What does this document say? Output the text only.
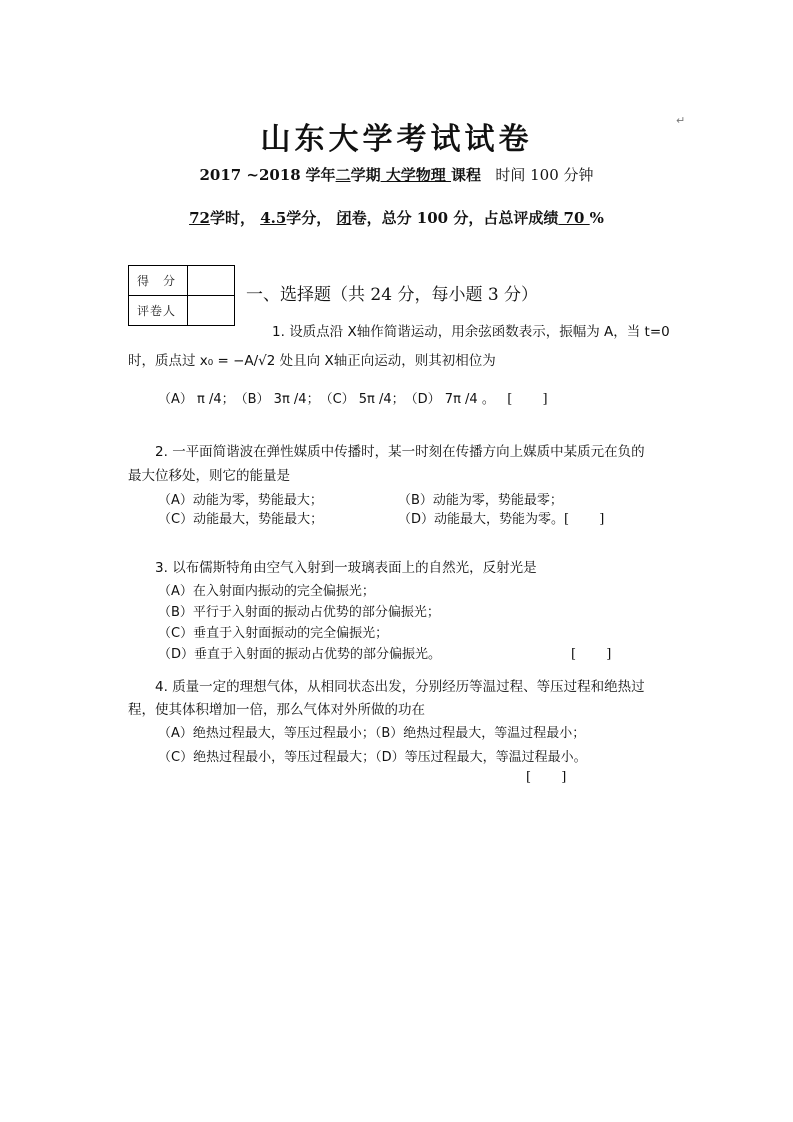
山东大学考试试卷
↵
2017 ~2018 学年二学期 大学物理 课程 时间 100 分钟
72学时， 4.5学分， 闭卷，总分 100 分，占总评成绩 70 %
得　分	
评卷人	
一、选择题（共 24 分，每小题 3 分）
1. 设质点沿 X轴作简谐运动，用余弦函数表示，振幅为 A，当 t=0
时，质点过 x₀ = −A/√2 处且向 X轴正向运动，则其初相位为
（A） π /4；　（B） 3π /4；　（C） 5π /4；　（D） 7π /4 。 [　　 ]
2. 一平面简谐波在弹性媒质中传播时，某一时刻在传播方向上媒质中某质元在负的
最大位移处，则它的能量是
（A）动能为零，势能最大；	（B）动能为零，势能最零；
（C）动能最大，势能最大；	（D）动能最大，势能为零。[　　 ]
3. 以布儒斯特角由空气入射到一玻璃表面上的自然光，反射光是
（A）在入射面内振动的完全偏振光；
（B）平行于入射面的振动占优势的部分偏振光；
（C）垂直于入射面振动的完全偏振光；
（D）垂直于入射面的振动占优势的部分偏振光。	[　　 ]
4. 质量一定的理想气体，从相同状态出发，分别经历等温过程、等压过程和绝热过
程，使其体积增加一倍，那么气体对外所做的功在
（A）绝热过程最大，等压过程最小；（B）绝热过程最大，等温过程最小；
（C）绝热过程最小，等压过程最大；（D）等压过程最大，等温过程最小。
[　　 ]
